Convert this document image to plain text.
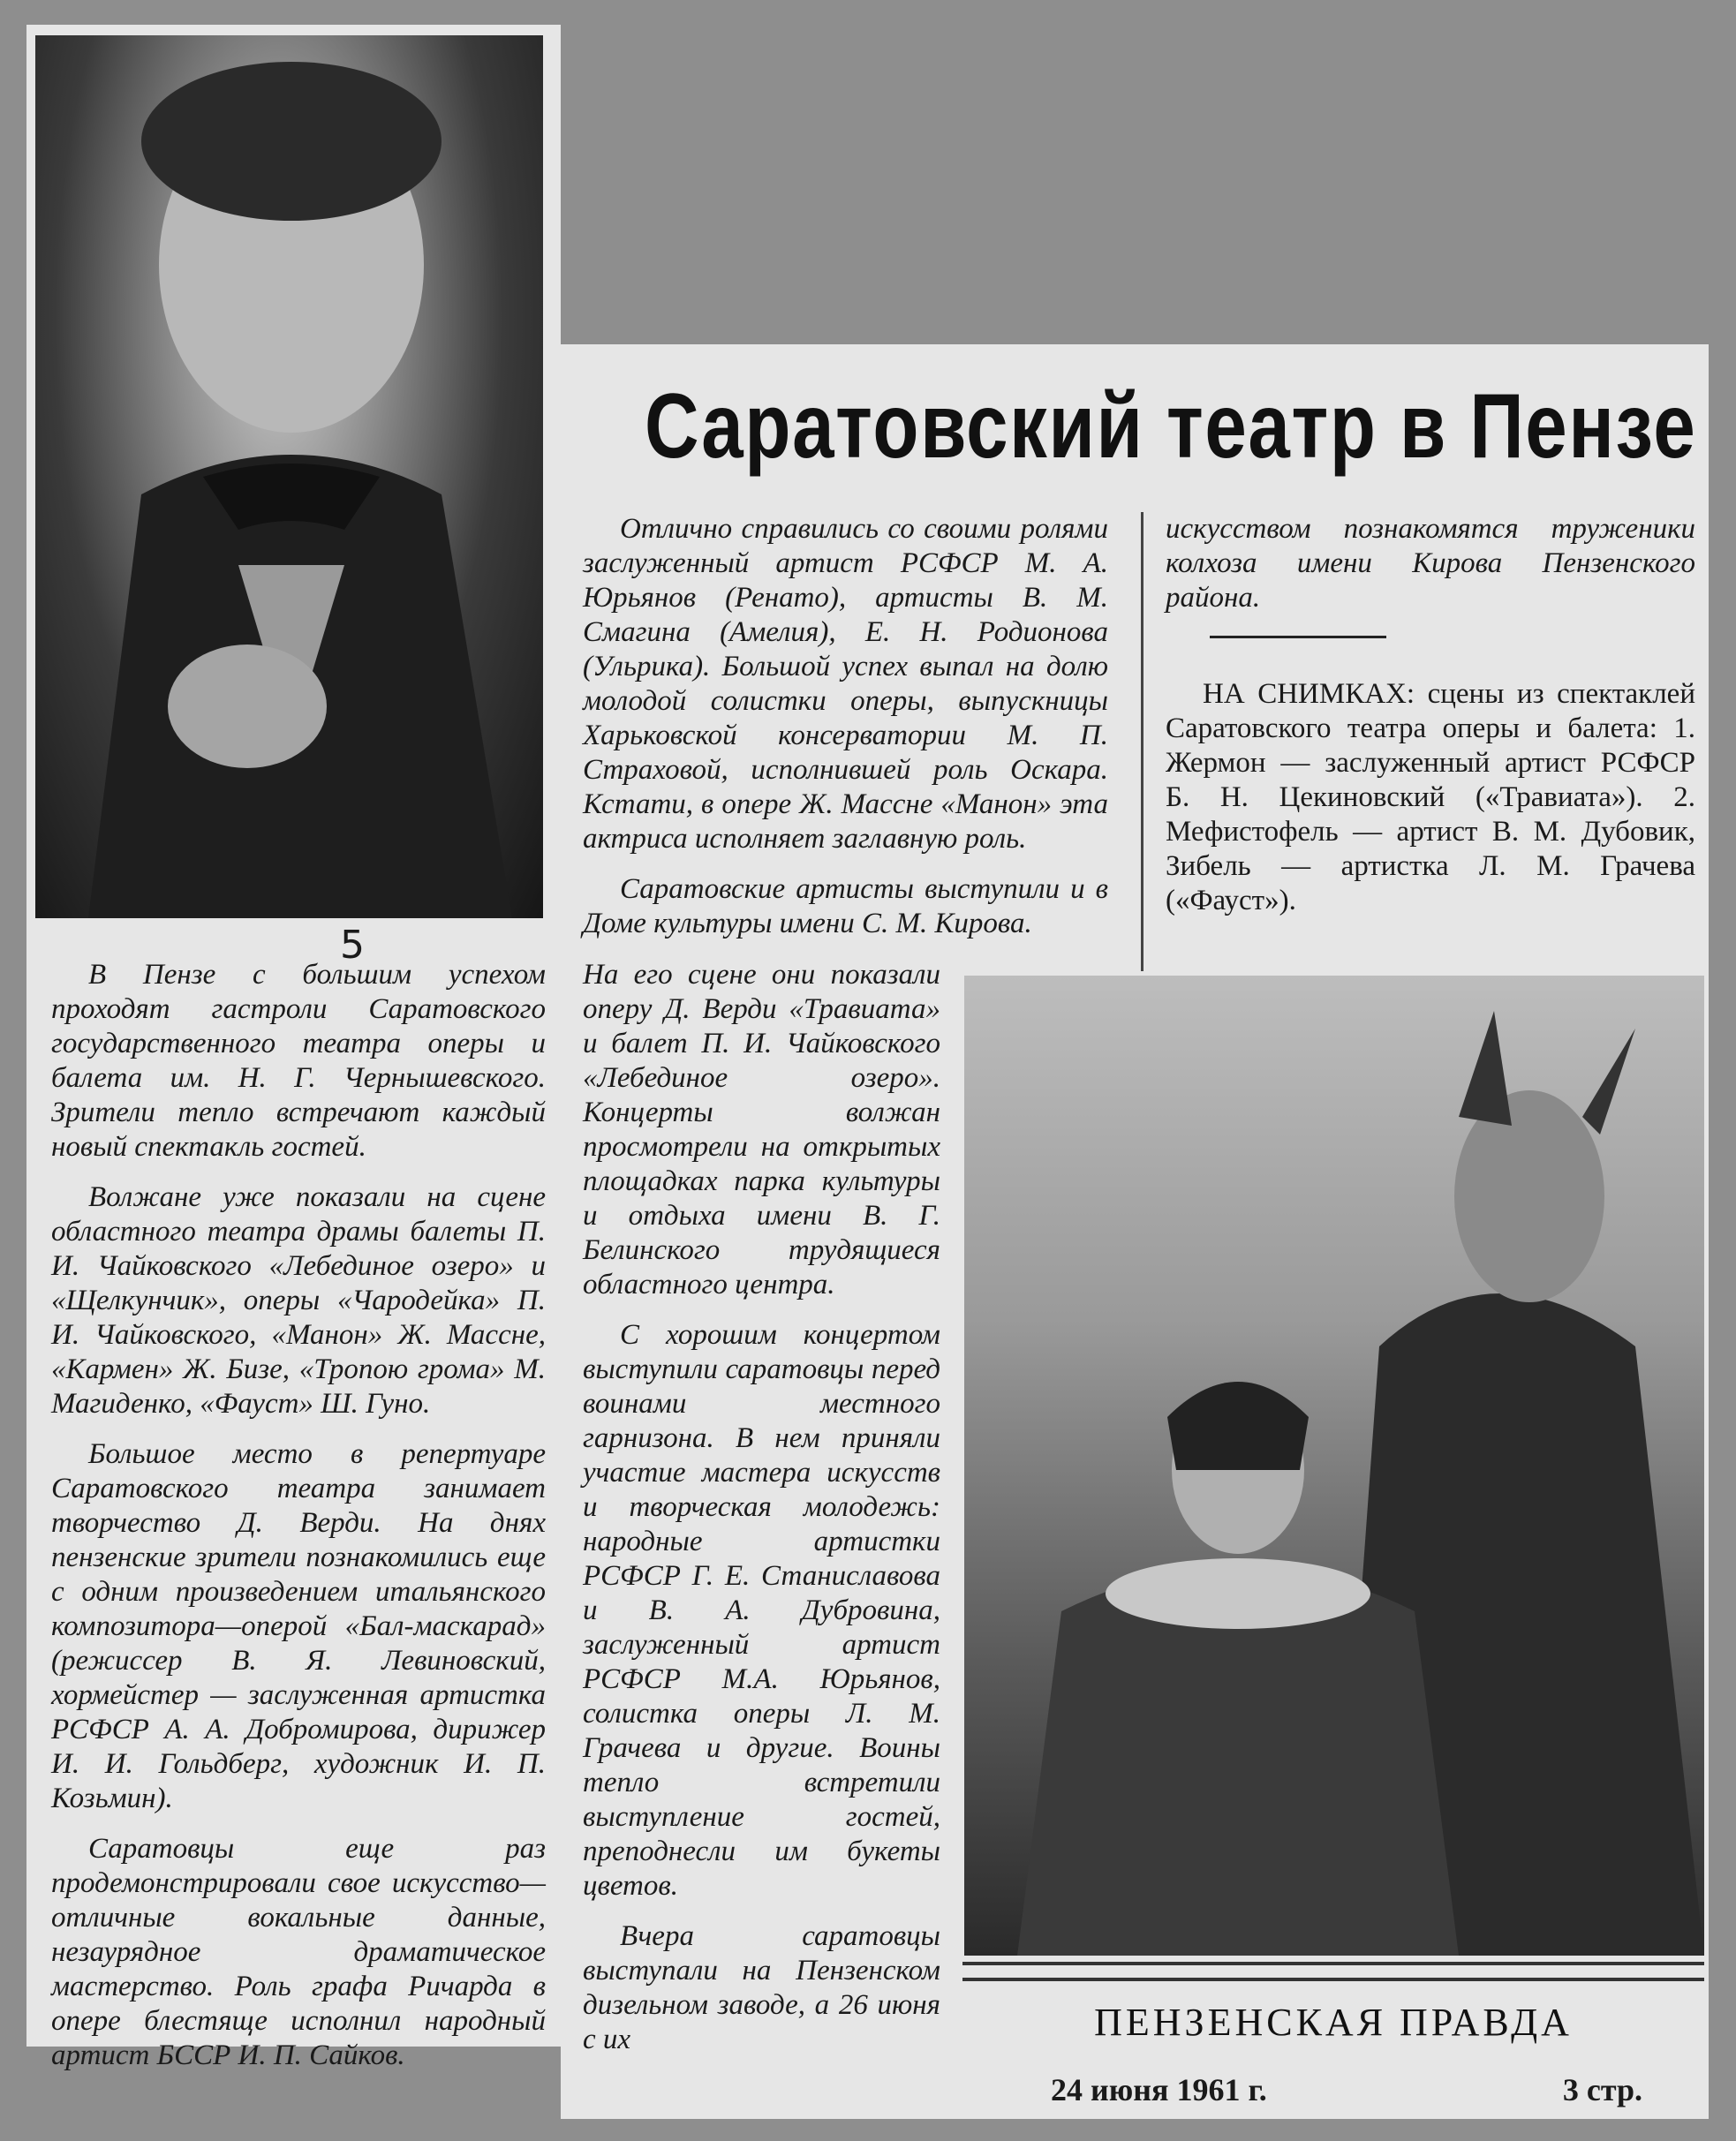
Саратовский театр в Пензе

В Пензе с большим успехом проходят гастроли Саратовского государственного театра оперы и балета им. Н. Г. Чернышевского. Зрители тепло встречают каждый новый спектакль гостей.

Волжане уже показали на сцене областного театра драмы балеты П. И. Чайковского «Лебединое озеро» и «Щелкунчик», оперы «Чародейка» П. И. Чайковского, «Манон» Ж. Массне, «Кармен» Ж. Бизе, «Тропою грома» М. Магиденко, «Фауст» Ш. Гуно.

Большое место в репертуаре Саратовского театра занимает творчество Д. Верди. На днях пензенские зрители познакомились еще с одним произведением итальянского композитора—оперой «Бал-маскарад» (режиссер В. Я. Левиновский, хормейстер — заслуженная артистка РСФСР А. А. Добромирова, дирижер И. И. Гольдберг, художник И. П. Козьмин).

Саратовцы еще раз продемонстрировали свое искусство—отличные вокальные данные, незаурядное драматическое мастерство. Роль графа Ричарда в опере блестяще исполнил народный артист БССР И. П. Сайков.

Отлично справились со своими ролями заслуженный артист РСФСР М. А. Юрьянов (Ренато), артисты В. М. Смагина (Амелия), Е. Н. Родионова (Ульрика). Большой успех выпал на долю молодой солистки оперы, выпускницы Харьковской консерватории М. П. Страховой, исполнившей роль Оскара. Кстати, в опере Ж. Массне «Манон» эта актриса исполняет заглавную роль.

Саратовские артисты выступили и в Доме культуры имени С. М. Кирова.

На его сцене они показали оперу Д. Верди «Травиата» и балет П. И. Чайковского «Лебединое озеро». Концерты волжан просмотрели на открытых площадках парка культуры и отдыха имени В. Г. Белинского трудящиеся областного центра.

С хорошим концертом выступили саратовцы перед воинами местного гарнизона. В нем приняли участие мастера искусств и творческая молодежь: народные артистки РСФСР Г. Е. Станиславова и В. А. Дубровина, заслуженный артист РСФСР М.А. Юрьянов, солистка оперы Л. М. Грачева и другие. Воины тепло встретили выступление гостей, преподнесли им букеты цветов.

Вчера саратовцы выступали на Пензенском дизельном заводе, а 26 июня с их

искусством познакомятся труженики колхоза имени Кирова Пензенского района.

НА СНИМКАХ: сцены из спектаклей Саратовского театра оперы и балета: 1. Жермон — заслуженный артист РСФСР Б. Н. Цекиновский («Травиата»). 2. Мефистофель — артист В. М. Дубовик, Зибель — артистка Л. М. Грачева («Фауст»).

ПЕНЗЕНСКАЯ ПРАВДА
24 июня 1961 г.	3 стр.
5
